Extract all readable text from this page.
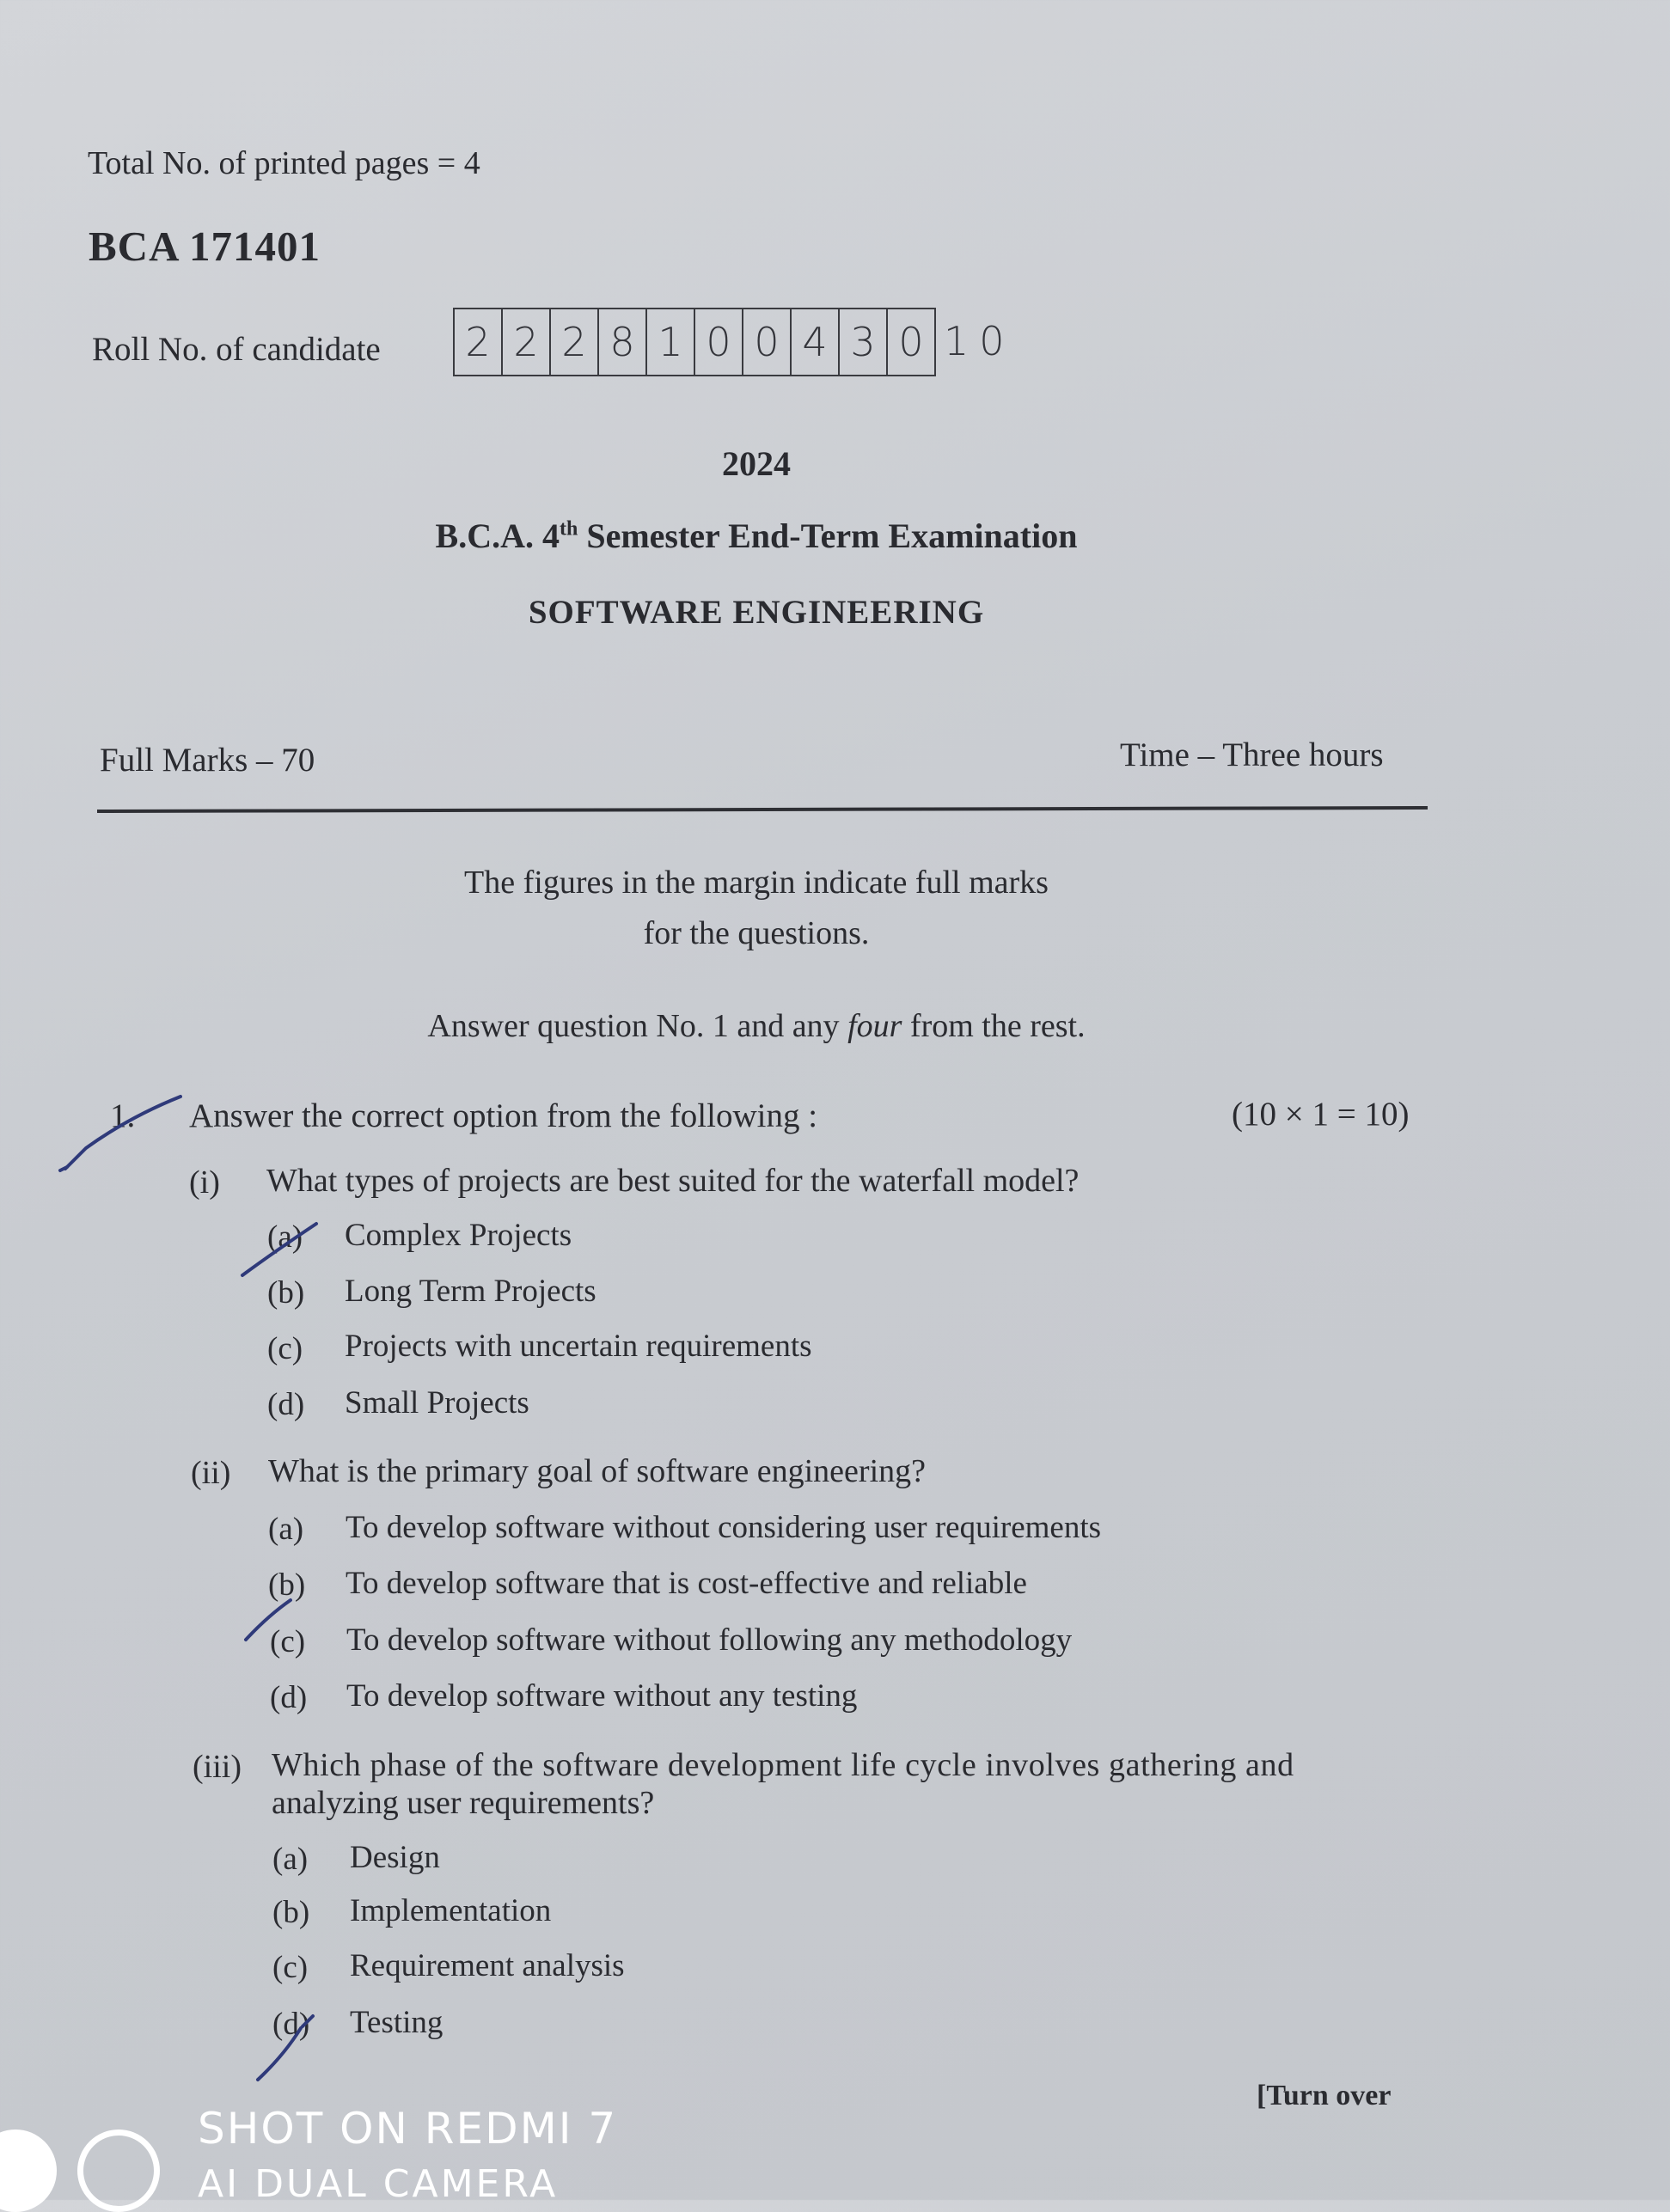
Total No. of printed pages = 4
BCA 171401
Roll No. of candidate 2 2 2 8 1 0 0 4 3 0 10
2024
B.C.A. 4th Semester End-Term Examination
SOFTWARE ENGINEERING
Full Marks – 70	Time – Three hours
The figures in the margin indicate full marks
for the questions.
Answer question No. 1 and any four from the rest.
1. Answer the correct option from the following :	(10 × 1 = 10)
(i) What types of projects are best suited for the waterfall model?
(a) Complex Projects
(b) Long Term Projects
(c) Projects with uncertain requirements
(d) Small Projects
(ii) What is the primary goal of software engineering?
(a) To develop software without considering user requirements
(b) To develop software that is cost-effective and reliable
(c) To develop software without following any methodology
(d) To develop software without any testing
(iii) Which phase of the software development life cycle involves gathering and
analyzing user requirements?
(a) Design
(b) Implementation
(c) Requirement analysis
(d) Testing
[Turn over
SHOT ON REDMI 7
AI DUAL CAMERA
